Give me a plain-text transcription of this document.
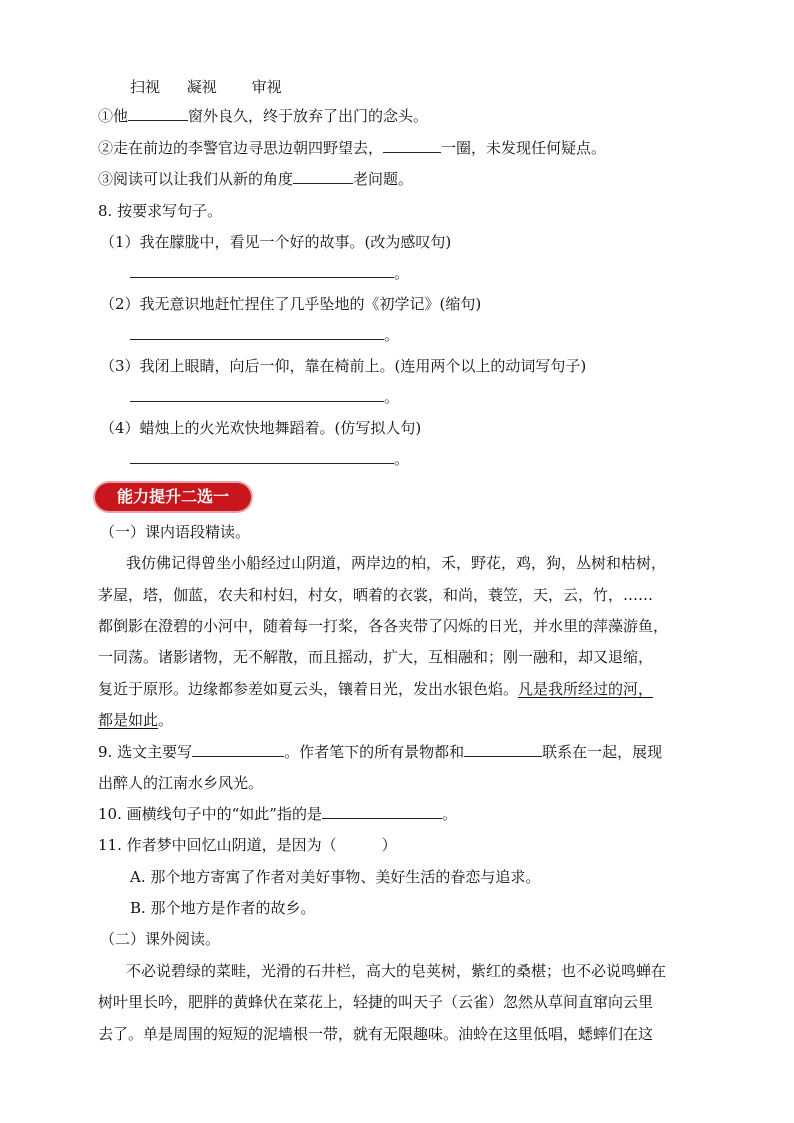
扫视 凝视 审视
①他	窗外良久，终于放弃了出门的念头。
②走在前边的李警官边寻思边朝四野望去，	一圈，未发现任何疑点。
③阅读可以让我们从新的角度	老问题。
8. 按要求写句子。
（1）我在朦胧中，看见一个好的故事。(改为感叹句)
。
（2）我无意识地赶忙捏住了几乎坠地的《初学记》(缩句)
。
（3）我闭上眼睛，向后一仰，靠在椅前上。(连用两个以上的动词写句子)
。
（4）蜡烛上的火光欢快地舞蹈着。(仿写拟人句)
。
能力提升二选一
（一）课内语段精读。
我仿佛记得曾坐小船经过山阴道，两岸边的柏，禾，野花，鸡，狗，丛树和枯树，
茅屋，塔，伽蓝，农夫和村妇，村女，晒着的衣裳，和尚，蓑笠，天，云，竹，……
都倒影在澄碧的小河中，随着每一打桨，各各夹带了闪烁的日光，并水里的萍藻游鱼，
一同荡。诸影诸物，无不解散，而且摇动，扩大，互相融和；刚一融和，却又退缩，
复近于原形。边缘都参差如夏云头，镶着日光，发出水银色焰。凡是我所经过的河，
都是如此。
9. 选文主要写	。作者笔下的所有景物都和	联系在一起，展现
出醉人的江南水乡风光。
10. 画横线句子中的“如此”指的是	。
11. 作者梦中回忆山阴道，是因为（　　　）
A. 那个地方寄寓了作者对美好事物、美好生活的眷恋与追求。
B. 那个地方是作者的故乡。
（二）课外阅读。
不必说碧绿的菜畦，光滑的石井栏，高大的皂荚树，紫红的桑椹；也不必说鸣蝉在
树叶里长吟，肥胖的黄蜂伏在菜花上，轻捷的叫天子（云雀）忽然从草间直窜向云里
去了。单是周围的短短的泥墙根一带，就有无限趣味。油蛉在这里低唱，蟋蟀们在这
